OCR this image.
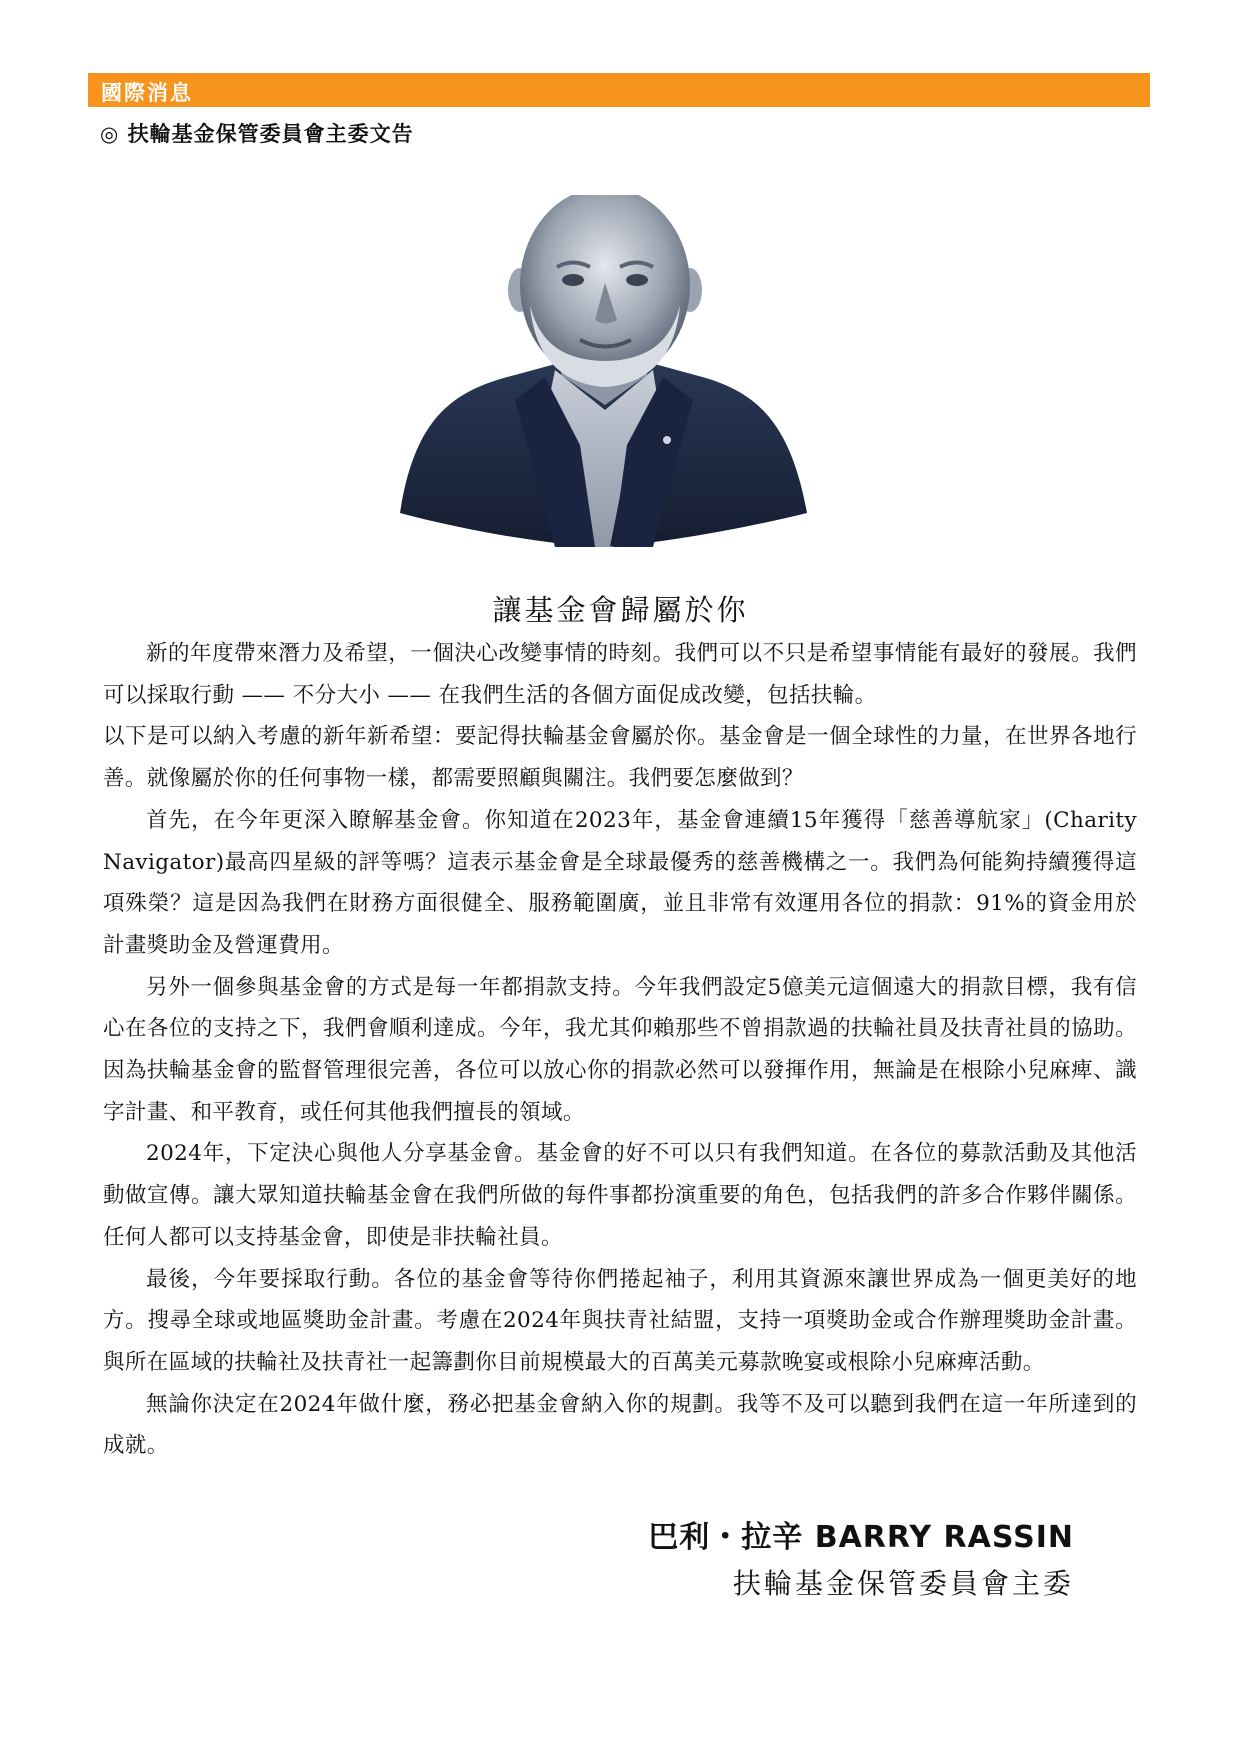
國際消息
◎ 扶輪基金保管委員會主委文告
讓基金會歸屬於你

新的年度帶來潛力及希望，一個決心改變事情的時刻。我們可以不只是希望事情能有最好的發展。我們可以採取行動 —— 不分大小 —— 在我們生活的各個方面促成改變，包括扶輪。

以下是可以納入考慮的新年新希望：要記得扶輪基金會屬於你。基金會是一個全球性的力量，在世界各地行善。就像屬於你的任何事物一樣，都需要照顧與關注。我們要怎麼做到？

首先，在今年更深入瞭解基金會。你知道在2023年，基金會連續15年獲得「慈善導航家」(Charity Navigator)最高四星級的評等嗎？這表示基金會是全球最優秀的慈善機構之一。我們為何能夠持續獲得這項殊榮？這是因為我們在財務方面很健全、服務範圍廣，並且非常有效運用各位的捐款：91%的資金用於計畫獎助金及營運費用。

另外一個參與基金會的方式是每一年都捐款支持。今年我們設定5億美元這個遠大的捐款目標，我有信心在各位的支持之下，我們會順利達成。今年，我尤其仰賴那些不曾捐款過的扶輪社員及扶青社員的協助。因為扶輪基金會的監督管理很完善，各位可以放心你的捐款必然可以發揮作用，無論是在根除小兒麻痺、識字計畫、和平教育，或任何其他我們擅長的領域。

2024年，下定決心與他人分享基金會。基金會的好不可以只有我們知道。在各位的募款活動及其他活動做宣傳。讓大眾知道扶輪基金會在我們所做的每件事都扮演重要的角色，包括我們的許多合作夥伴關係。任何人都可以支持基金會，即使是非扶輪社員。

最後，今年要採取行動。各位的基金會等待你們捲起袖子，利用其資源來讓世界成為一個更美好的地方。搜尋全球或地區獎助金計畫。考慮在2024年與扶青社結盟，支持一項獎助金或合作辦理獎助金計畫。與所在區域的扶輪社及扶青社一起籌劃你目前規模最大的百萬美元募款晚宴或根除小兒麻痺活動。

無論你決定在2024年做什麼，務必把基金會納入你的規劃。我等不及可以聽到我們在這一年所達到的成就。

巴利・拉辛 BARRY RASSIN
扶輪基金保管委員會主委
